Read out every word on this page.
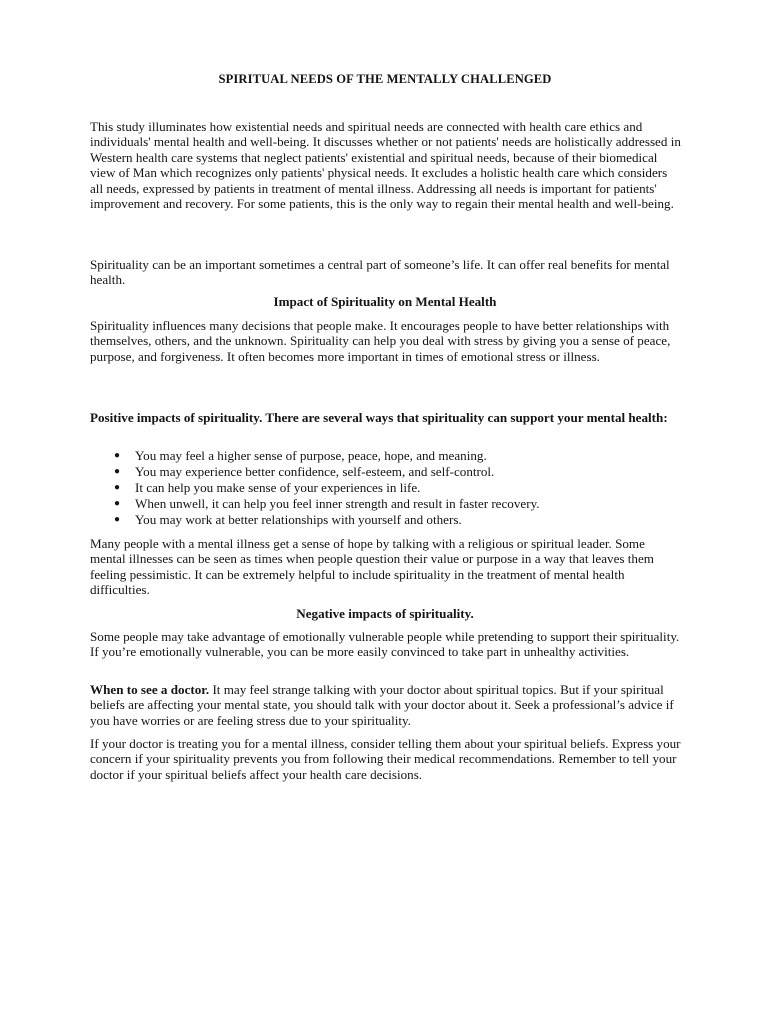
SPIRITUAL NEEDS OF THE MENTALLY CHALLENGED

This study illuminates how existential needs and spiritual needs are connected with health care ethics and individuals' mental health and well-being. It discusses whether or not patients' needs are holistically addressed in Western health care systems that neglect patients' existential and spiritual needs, because of their biomedical view of Man which recognizes only patients' physical needs. It excludes a holistic health care which considers all needs, expressed by patients in treatment of mental illness. Addressing all needs is important for patients' improvement and recovery. For some patients, this is the only way to regain their mental health and well-being.

Spirituality can be an important sometimes a central part of someone’s life. It can offer real benefits for mental health.

Impact of Spirituality on Mental Health

Spirituality influences many decisions that people make. It encourages people to have better relationships with themselves, others, and the unknown. Spirituality can help you deal with stress by giving you a sense of peace, purpose, and forgiveness. It often becomes more important in times of emotional stress or illness.

Positive impacts of spirituality. There are several ways that spirituality can support your mental health:

● You may feel a higher sense of purpose, peace, hope, and meaning.
● You may experience better confidence, self-esteem, and self-control.
● It can help you make sense of your experiences in life.
● When unwell, it can help you feel inner strength and result in faster recovery.
● You may work at better relationships with yourself and others.

Many people with a mental illness get a sense of hope by talking with a religious or spiritual leader. Some mental illnesses can be seen as times when people question their value or purpose in a way that leaves them feeling pessimistic. It can be extremely helpful to include spirituality in the treatment of mental health difficulties.

Negative impacts of spirituality.

Some people may take advantage of emotionally vulnerable people while pretending to support their spirituality. If you’re emotionally vulnerable, you can be more easily convinced to take part in unhealthy activities.

When to see a doctor. It may feel strange talking with your doctor about spiritual topics. But if your spiritual beliefs are affecting your mental state, you should talk with your doctor about it. Seek a professional’s advice if you have worries or are feeling stress due to your spirituality.

If your doctor is treating you for a mental illness, consider telling them about your spiritual beliefs. Express your concern if your spirituality prevents you from following their medical recommendations. Remember to tell your doctor if your spiritual beliefs affect your health care decisions.
